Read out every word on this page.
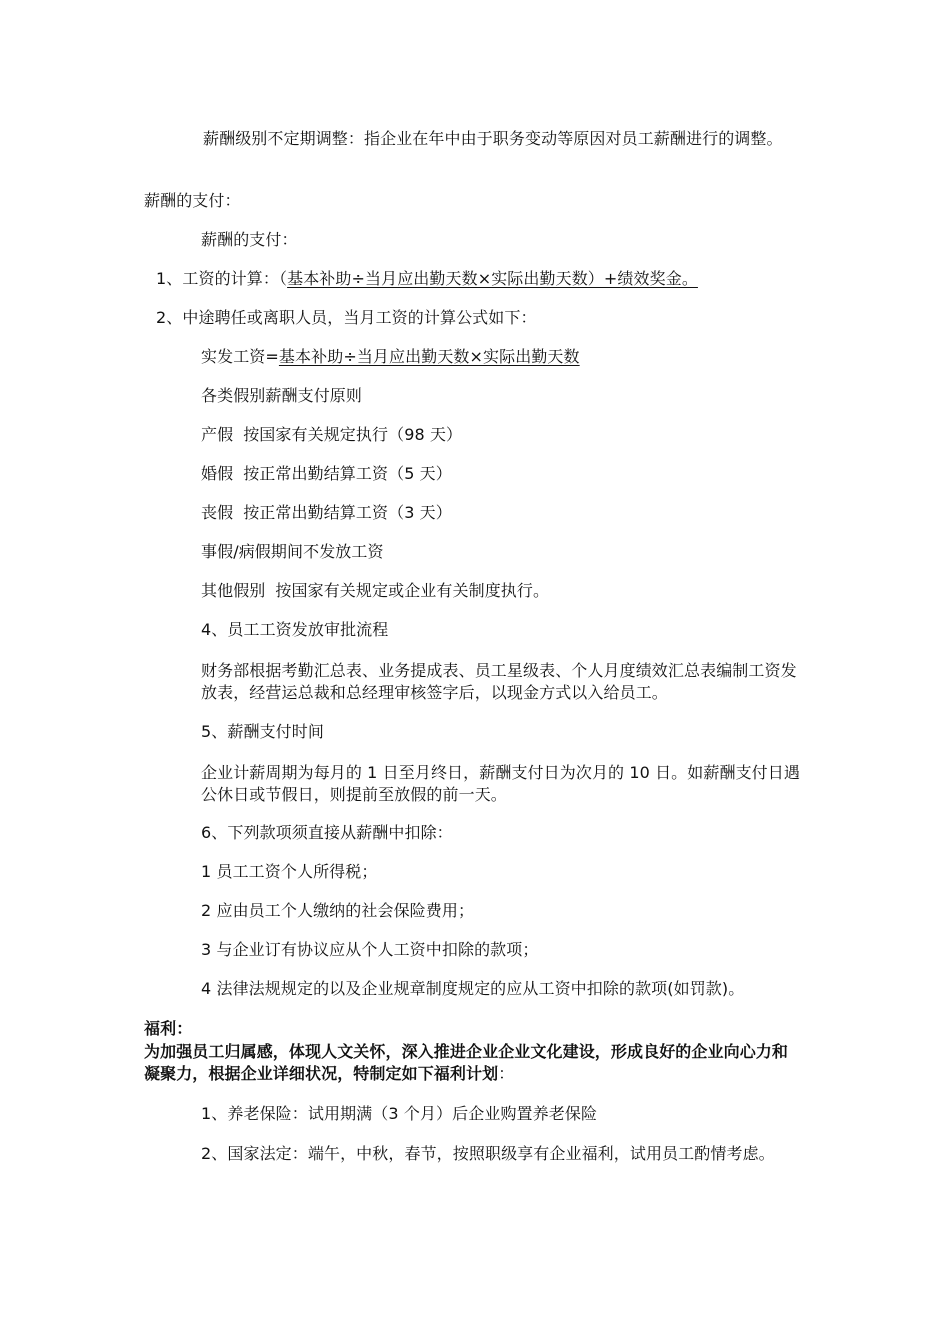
薪酬级别不定期调整：指企业在年中由于职务变动等原因对员工薪酬进行的调整。
薪酬的支付：
薪酬的支付：
1、工资的计算：（基本补助÷当月应出勤天数×实际出勤天数）+绩效奖金。
2、中途聘任或离职人员，当月工资的计算公式如下：
实发工资=基本补助÷当月应出勤天数×实际出勤天数
各类假别薪酬支付原则
产假 按国家有关规定执行（98 天）
婚假 按正常出勤结算工资（5 天）
丧假 按正常出勤结算工资（3 天）
事假/病假期间不发放工资
其他假别 按国家有关规定或企业有关制度执行。
4、员工工资发放审批流程
财务部根据考勤汇总表、业务提成表、员工星级表、个人月度绩效汇总表编制工资发放表，经营运总裁和总经理审核签字后，以现金方式以入给员工。
5、薪酬支付时间
企业计薪周期为每月的 1 日至月终日，薪酬支付日为次月的 10 日。如薪酬支付日遇公休日或节假日，则提前至放假的前一天。
6、下列款项须直接从薪酬中扣除：
1 员工工资个人所得税；
2 应由员工个人缴纳的社会保险费用；
3 与企业订有协议应从个人工资中扣除的款项；
4 法律法规规定的以及企业规章制度规定的应从工资中扣除的款项(如罚款)。
福利：
为加强员工归属感，体现人文关怀，深入推进企业企业文化建设，形成良好的企业向心力和凝聚力，根据企业详细状况，特制定如下福利计划：
1、养老保险：试用期满（3 个月）后企业购置养老保险
2、国家法定：端午，中秋，春节，按照职级享有企业福利，试用员工酌情考虑。
